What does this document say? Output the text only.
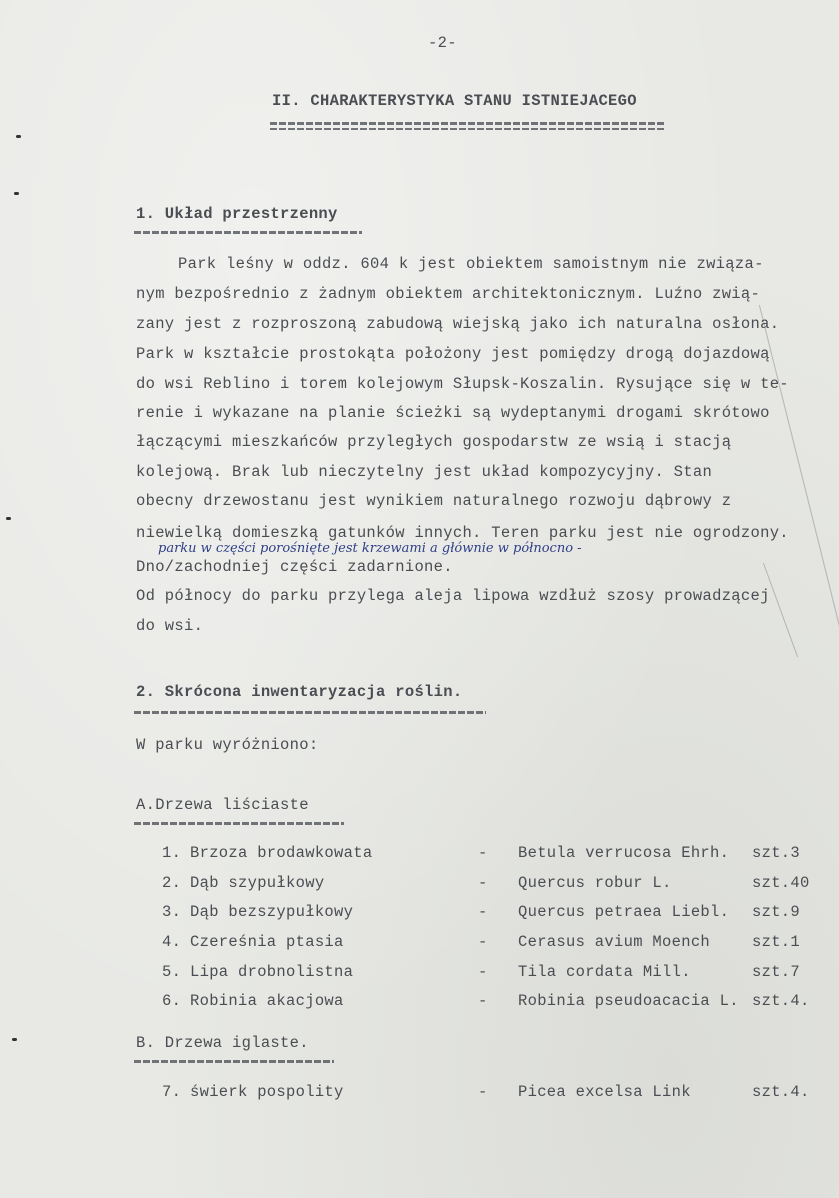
-2-
II. CHARAKTERYSTYKA STANU ISTNIEJACEGO
1. Układ przestrzenny
Park leśny w oddz. 604 k jest obiektem samoistnym nie związa-
nym bezpośrednio z żadnym obiektem architektonicznym. Luźno zwią-
zany jest z rozproszoną zabudową wiejską jako ich naturalna osłona.
Park w kształcie prostokąta położony jest pomiędzy drogą dojazdową
do wsi Reblino i torem kolejowym Słupsk-Koszalin. Rysujące się w te-
renie i wykazane na planie ścieżki są wydeptanymi drogami skrótowo
łączącymi mieszkańców przyległych gospodarstw ze wsią i stacją
kolejową. Brak lub nieczytelny jest układ kompozycyjny. Stan
obecny drzewostanu jest wynikiem naturalnego rozwoju dąbrowy z
niewielką domieszką gatunków innych. Teren parku jest nie ogrodzony.
parku w części porośnięte jest krzewami a głównie w północno -
Dno/zachodniej części zadarnione.
Od północy do parku przylega aleja lipowa wzdłuż szosy prowadzącej
do wsi.
2. Skrócona inwentaryzacja roślin.
W parku wyróżniono:
A.Drzewa liściaste
1. Brzoza brodawkowata	- Betula verrucosa Ehrh. szt.3
2. Dąb szypułkowy	- Quercus robur L.	szt.40
3. Dąb bezszypułkowy	- Quercus petraea Liebl. szt.9
4. Czereśnia ptasia	- Cerasus avium Moench	szt.1
5. Lipa drobnolistna	- Tila cordata Mill.	szt.7
6. Robinia akacjowa	- Robinia pseudoacacia L. szt.4.
B. Drzewa iglaste.
7. świerk pospolity	- Picea excelsa Link	szt.4.
